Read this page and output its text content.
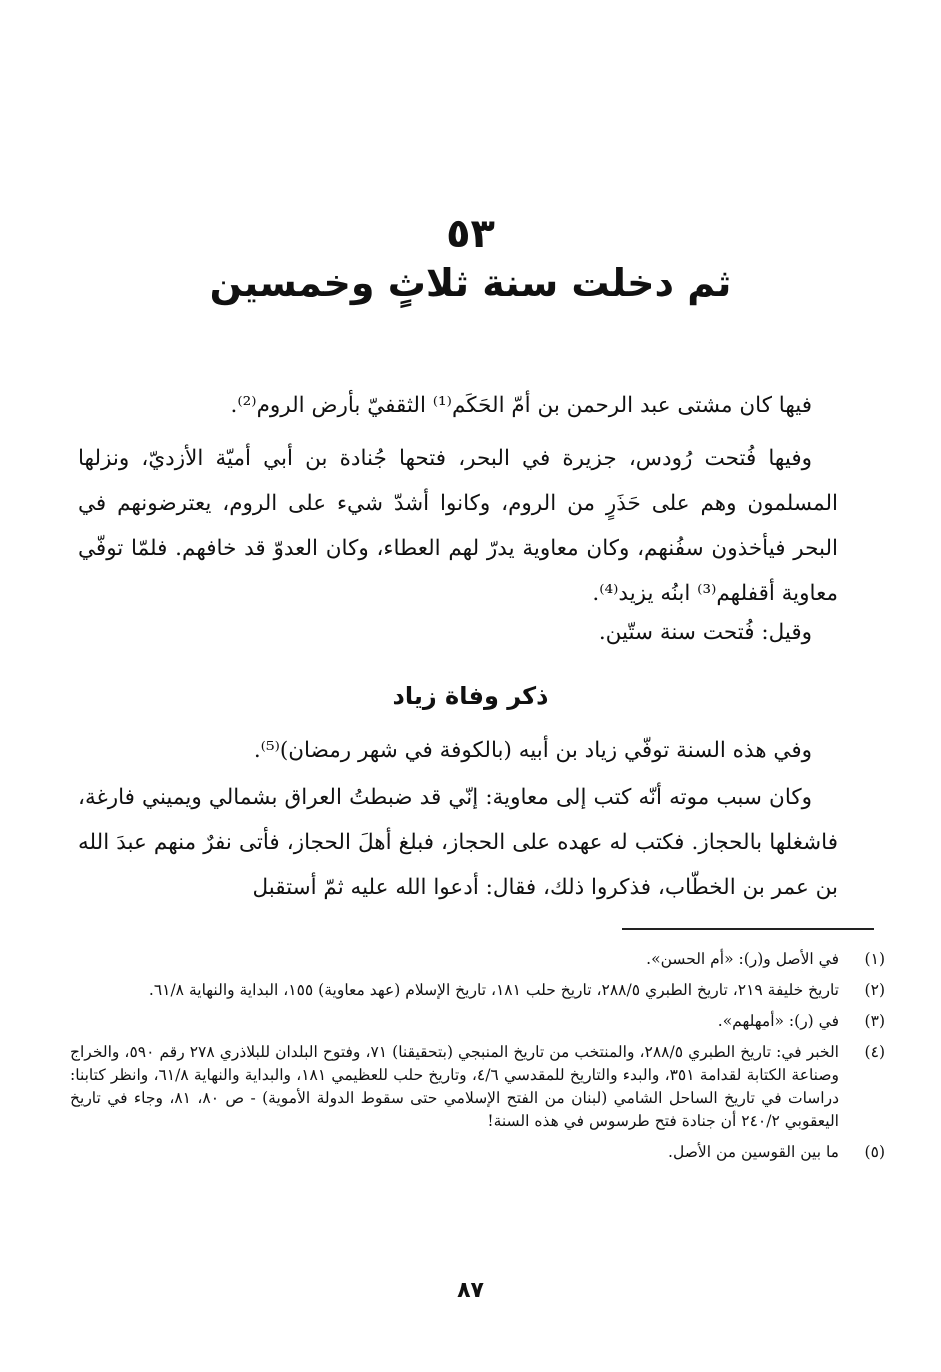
٥٣
ثم دخلت سنة ثلاثٍ وخمسين

فيها كان مشتى عبد الرحمن بن أمّ الحَكَم⁽¹⁾ الثقفيّ بأرض الروم⁽²⁾.

وفيها فُتحت رُودس، جزيرة في البحر، فتحها جُنادة بن أبي أميّة الأزديّ، ونزلها المسلمون وهم على حَذَرٍ من الروم، وكانوا أشدّ شيء على الروم، يعترضونهم في البحر فيأخذون سفُنهم، وكان معاوية يدرّ لهم العطاء، وكان العدوّ قد خافهم. فلمّا توفّي معاوية أقفلهم⁽³⁾ ابنُه يزيد⁽⁴⁾.

وقيل: فُتحت سنة ستّين.

ذكر وفاة زياد

وفي هذه السنة توفّي زياد بن أبيه (بالكوفة في شهر رمضان)⁽⁵⁾.

وكان سبب موته أنّه كتب إلى معاوية: إنّي قد ضبطتُ العراق بشمالي ويميني فارغة، فاشغلها بالحجاز. فكتب له عهده على الحجاز، فبلغ أهلَ الحجاز، فأتى نفرٌ منهم عبدَ الله بن عمر بن الخطّاب، فذكروا ذلك، فقال: أدعوا الله عليه ثمّ أستقبل

(١)
في الأصل و(ر): «أم الحسن».
(٢)
تاريخ خليفة ٢١٩، تاريخ الطبري ٢٨٨/٥، تاريخ حلب ١٨١، تاريخ الإسلام (عهد معاوية) ١٥٥، البداية والنهاية ٦١/٨.
(٣)
في (ر): «أمهلهم».
(٤)
الخبر في: تاريخ الطبري ٢٨٨/٥، والمنتخب من تاريخ المنبجي (بتحقيقنا) ٧١، وفتوح البلدان للبلاذري ٢٧٨ رقم ٥٩٠، والخراج وصناعة الكتابة لقدامة ٣٥١، والبدء والتاريخ للمقدسي ٤/٦، وتاريخ حلب للعظيمي ١٨١، والبداية والنهاية ٦١/٨، وانظر كتابنا: دراسات في تاريخ الساحل الشامي (لبنان من الفتح الإسلامي حتى سقوط الدولة الأموية) - ص ٨٠، ٨١، وجاء في تاريخ اليعقوبي ٢٤٠/٢ أن جنادة فتح طرسوس في هذه السنة!
(٥)
ما بين القوسين من الأصل.
٨٧
